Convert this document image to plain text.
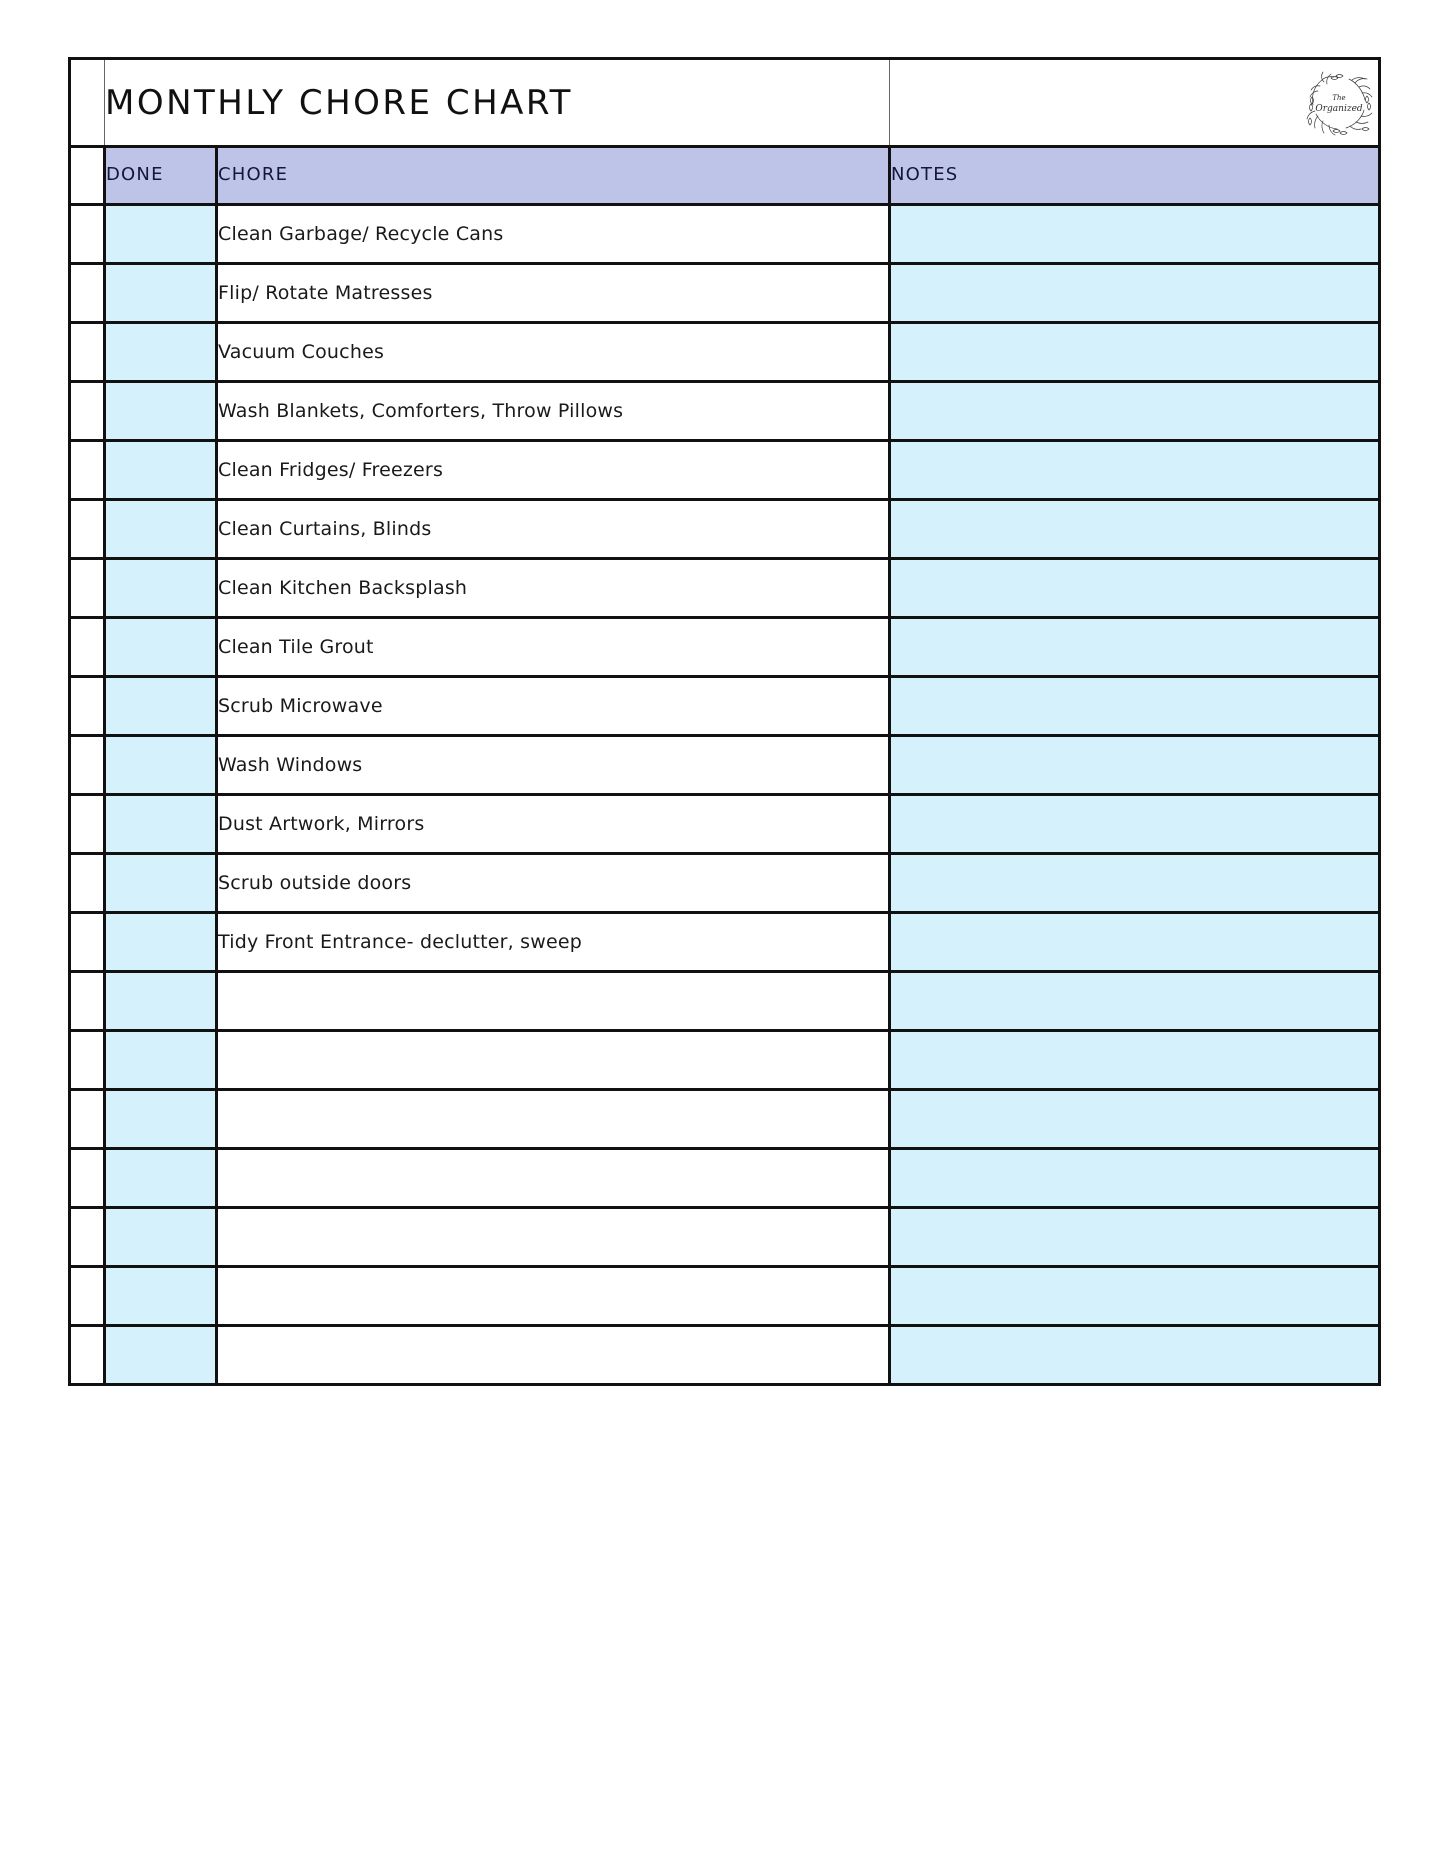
	MONTHLY CHORE CHART		The
Organized

	DONE	CHORE	NOTES
		Clean Garbage/ Recycle Cans	
		Flip/ Rotate Matresses	
		Vacuum Couches	
		Wash Blankets, Comforters, Throw Pillows	
		Clean Fridges/ Freezers	
		Clean Curtains, Blinds	
		Clean Kitchen Backsplash	
		Clean Tile Grout	
		Scrub Microwave	
		Wash Windows	
		Dust Artwork, Mirrors	
		Scrub outside doors	
		Tidy Front Entrance- declutter, sweep	
